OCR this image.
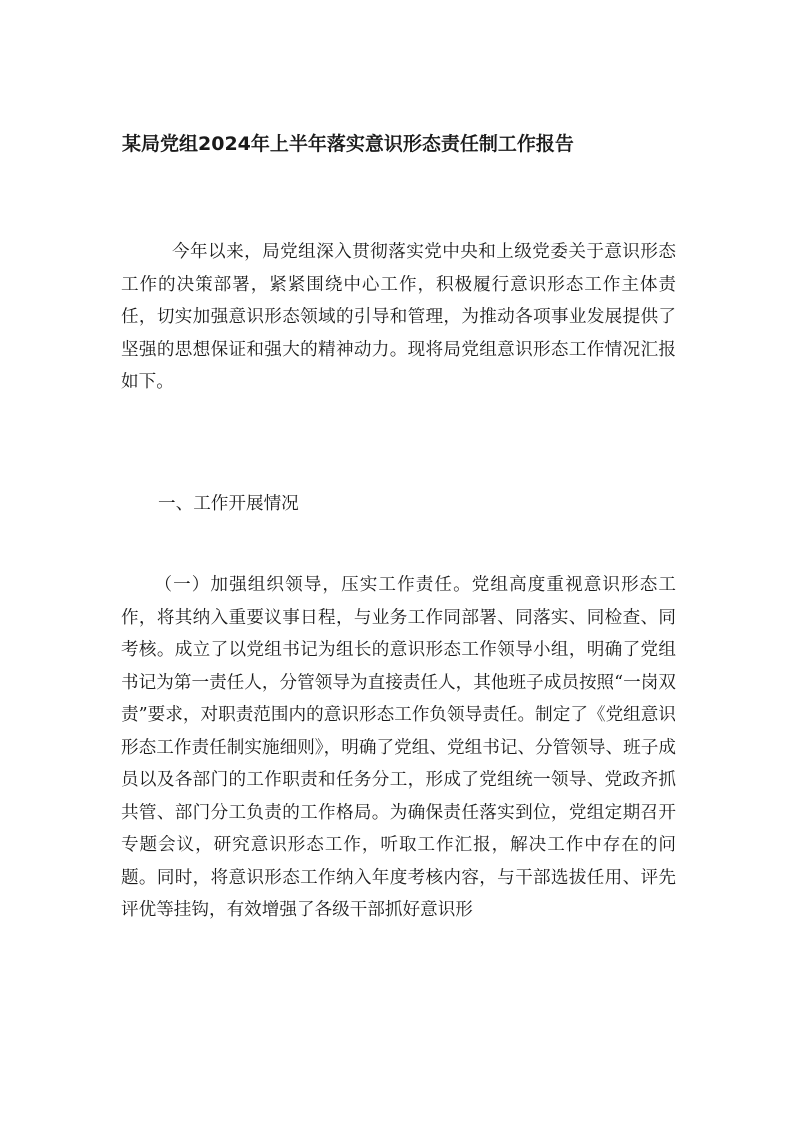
某局党组2024年上半年落实意识形态责任制工作报告

今年以来，局党组深入贯彻落实党中央和上级党委关于意识形态工作的决策部署，紧紧围绕中心工作，积极履行意识形态工作主体责任，切实加强意识形态领域的引导和管理，为推动各项事业发展提供了坚强的思想保证和强大的精神动力。现将局党组意识形态工作情况汇报如下。

一、工作开展情况

（一）加强组织领导，压实工作责任。党组高度重视意识形态工作，将其纳入重要议事日程，与业务工作同部署、同落实、同检查、同考核。成立了以党组书记为组长的意识形态工作领导小组，明确了党组书记为第一责任人，分管领导为直接责任人，其他班子成员按照“一岗双责”要求，对职责范围内的意识形态工作负领导责任。制定了《党组意识形态工作责任制实施细则》，明确了党组、党组书记、分管领导、班子成员以及各部门的工作职责和任务分工，形成了党组统一领导、党政齐抓共管、部门分工负责的工作格局。为确保责任落实到位，党组定期召开专题会议，研究意识形态工作，听取工作汇报，解决工作中存在的问题。同时，将意识形态工作纳入年度考核内容，与干部选拔任用、评先评优等挂钩，有效增强了各级干部抓好意识形
